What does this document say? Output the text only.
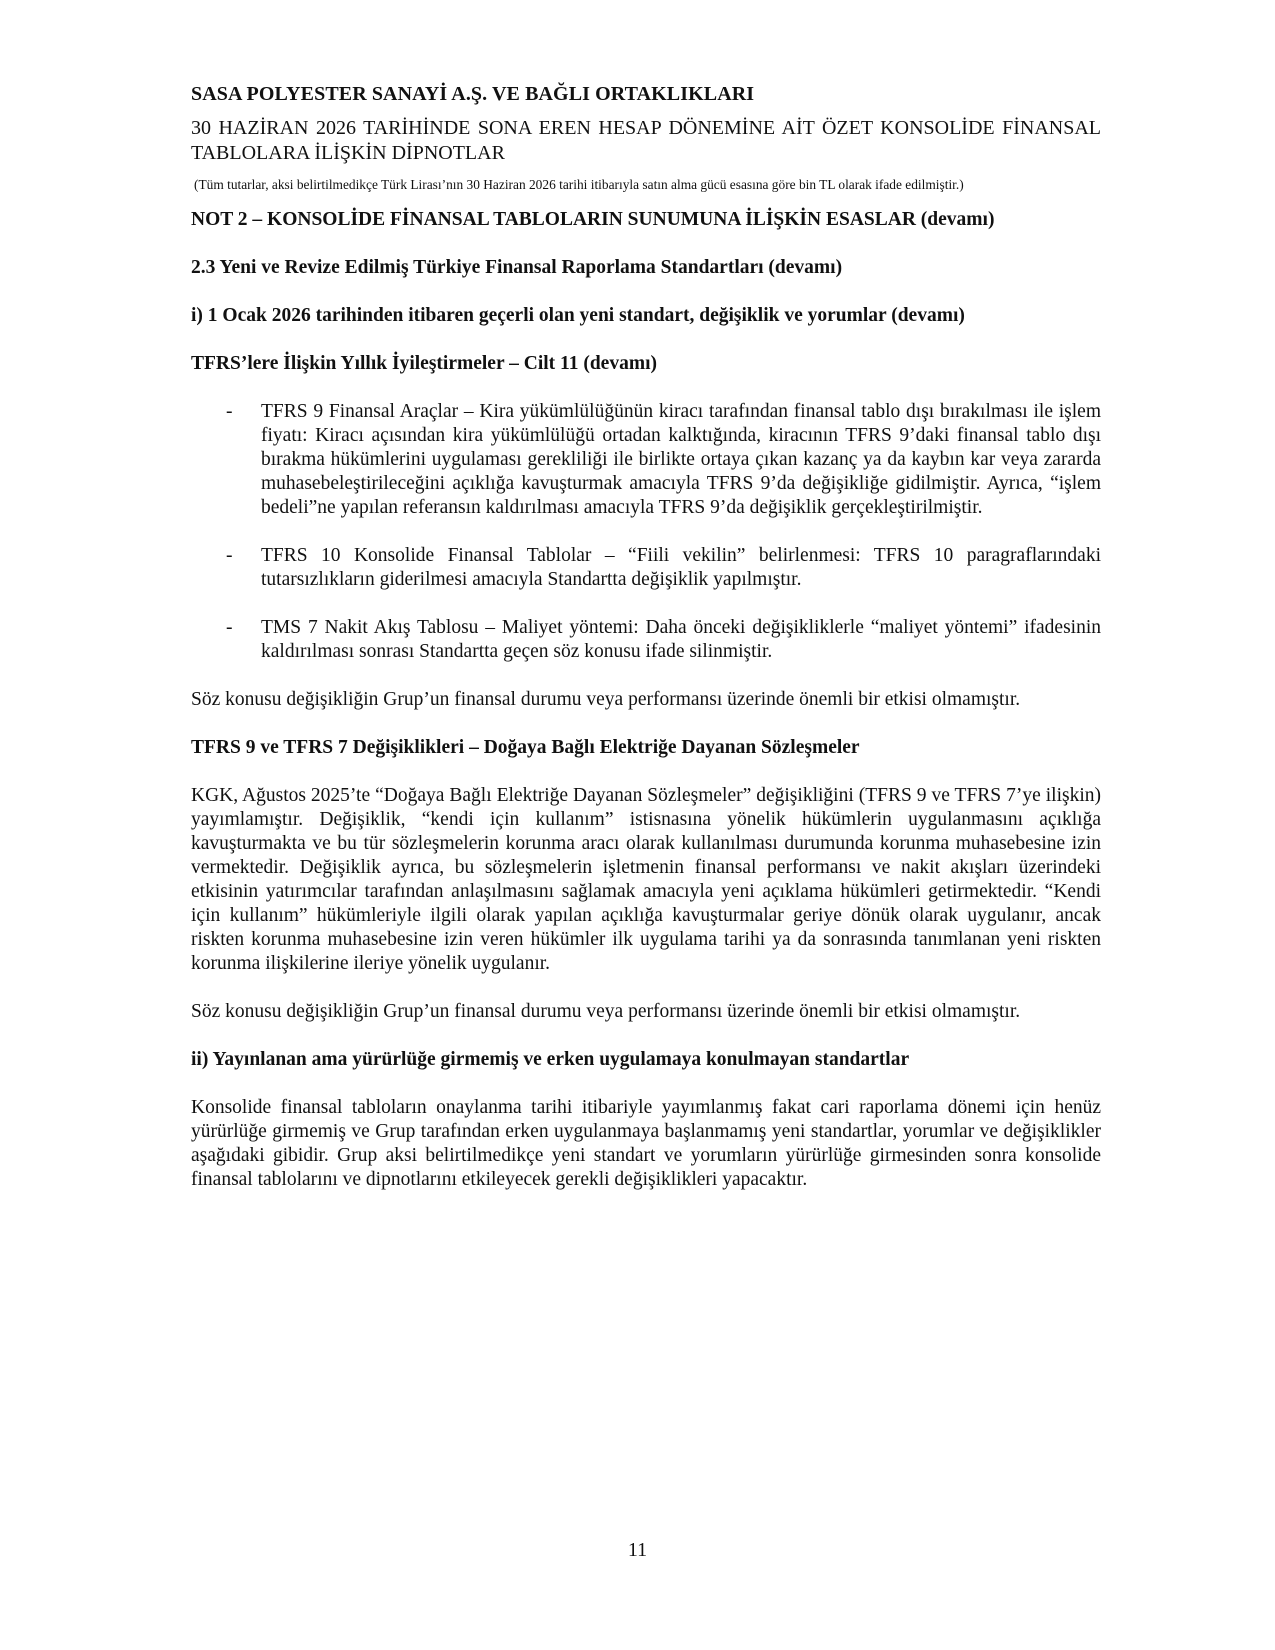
SASA POLYESTER SANAYİ A.Ş. VE BAĞLI ORTAKLIKLARI
30 HAZİRAN 2026 TARİHİNDE SONA EREN HESAP DÖNEMİNE AİT ÖZET KONSOLİDE FİNANSAL TABLOLARA İLİŞKİN DİPNOTLAR
(Tüm tutarlar, aksi belirtilmedikçe Türk Lirası’nın 30 Haziran 2026 tarihi itibarıyla satın alma gücü esasına göre bin TL olarak ifade edilmiştir.)
NOT 2 – KONSOLİDE FİNANSAL TABLOLARIN SUNUMUNA İLİŞKİN ESASLAR (devamı)
2.3 Yeni ve Revize Edilmiş Türkiye Finansal Raporlama Standartları (devamı)
i) 1 Ocak 2026 tarihinden itibaren geçerli olan yeni standart, değişiklik ve yorumlar (devamı)
TFRS’lere İlişkin Yıllık İyileştirmeler – Cilt 11 (devamı)
- TFRS 9 Finansal Araçlar – Kira yükümlülüğünün kiracı tarafından finansal tablo dışı bırakılması ile işlem fiyatı: Kiracı açısından kira yükümlülüğü ortadan kalktığında, kiracının TFRS 9’daki finansal tablo dışı bırakma hükümlerini uygulaması gerekliliği ile birlikte ortaya çıkan kazanç ya da kaybın kar veya zararda muhasebeleştirileceğini açıklığa kavuşturmak amacıyla TFRS 9’da değişikliğe gidilmiştir. Ayrıca, “işlem bedeli”ne yapılan referansın kaldırılması amacıyla TFRS 9’da değişiklik gerçekleştirilmiştir.
- TFRS 10 Konsolide Finansal Tablolar – “Fiili vekilin” belirlenmesi: TFRS 10 paragraflarındaki tutarsızlıkların giderilmesi amacıyla Standartta değişiklik yapılmıştır.
- TMS 7 Nakit Akış Tablosu – Maliyet yöntemi: Daha önceki değişikliklerle “maliyet yöntemi” ifadesinin kaldırılması sonrası Standartta geçen söz konusu ifade silinmiştir.

Söz konusu değişikliğin Grup’un finansal durumu veya performansı üzerinde önemli bir etkisi olmamıştır.

TFRS 9 ve TFRS 7 Değişiklikleri – Doğaya Bağlı Elektriğe Dayanan Sözleşmeler

KGK, Ağustos 2025’te “Doğaya Bağlı Elektriğe Dayanan Sözleşmeler” değişikliğini (TFRS 9 ve TFRS 7’ye ilişkin) yayımlamıştır. Değişiklik, “kendi için kullanım” istisnasına yönelik hükümlerin uygulanmasını açıklığa kavuşturmakta ve bu tür sözleşmelerin korunma aracı olarak kullanılması durumunda korunma muhasebesine izin vermektedir. Değişiklik ayrıca, bu sözleşmelerin işletmenin finansal performansı ve nakit akışları üzerindeki etkisinin yatırımcılar tarafından anlaşılmasını sağlamak amacıyla yeni açıklama hükümleri getirmektedir. “Kendi için kullanım” hükümleriyle ilgili olarak yapılan açıklığa kavuşturmalar geriye dönük olarak uygulanır, ancak riskten korunma muhasebesine izin veren hükümler ilk uygulama tarihi ya da sonrasında tanımlanan yeni riskten korunma ilişkilerine ileriye yönelik uygulanır.

Söz konusu değişikliğin Grup’un finansal durumu veya performansı üzerinde önemli bir etkisi olmamıştır.

ii) Yayınlanan ama yürürlüğe girmemiş ve erken uygulamaya konulmayan standartlar

Konsolide finansal tabloların onaylanma tarihi itibariyle yayımlanmış fakat cari raporlama dönemi için henüz yürürlüğe girmemiş ve Grup tarafından erken uygulanmaya başlanmamış yeni standartlar, yorumlar ve değişiklikler aşağıdaki gibidir. Grup aksi belirtilmedikçe yeni standart ve yorumların yürürlüğe girmesinden sonra konsolide finansal tablolarını ve dipnotlarını etkileyecek gerekli değişiklikleri yapacaktır.

11
